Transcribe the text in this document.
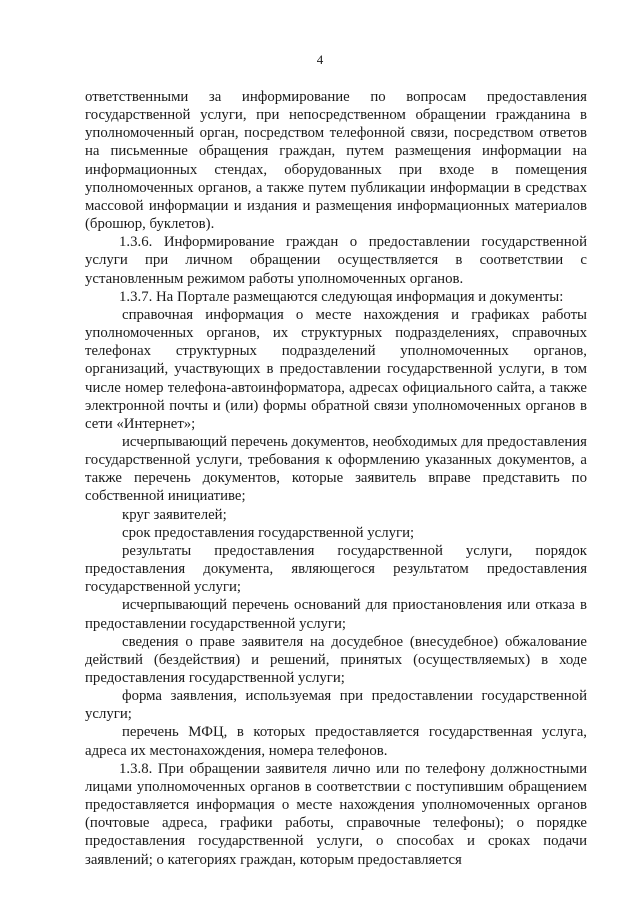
4

ответственными за информирование по вопросам предоставления государственной услуги, при непосредственном обращении гражданина в уполномоченный орган, посредством телефонной связи, посредством ответов на письменные обращения граждан, путем размещения информации на информационных стендах, оборудованных при входе в помещения уполномоченных органов, а также путем публикации информации в средствах массовой информации и издания и размещения информационных материалов (брошюр, буклетов).

1.3.6. Информирование граждан о предоставлении государственной услуги при личном обращении осуществляется в соответствии с установленным режимом работы уполномоченных органов.

1.3.7. На Портале размещаются следующая информация и документы:

справочная информация о месте нахождения и графиках работы уполномоченных органов, их структурных подразделениях, справочных телефонах структурных подразделений уполномоченных органов, организаций, участвующих в предоставлении государственной услуги, в том числе номер телефона-автоинформатора, адресах официального сайта, а также электронной почты и (или) формы обратной связи уполномоченных органов в сети «Интернет»;

исчерпывающий перечень документов, необходимых для предоставления государственной услуги, требования к оформлению указанных документов, а также перечень документов, которые заявитель вправе представить по собственной инициативе;

круг заявителей;

срок предоставления государственной услуги;

результаты предоставления государственной услуги, порядок предоставления документа, являющегося результатом предоставления государственной услуги;

исчерпывающий перечень оснований для приостановления или отказа в предоставлении государственной услуги;

сведения о праве заявителя на досудебное (внесудебное) обжалование действий (бездействия) и решений, принятых (осуществляемых) в ходе предоставления государственной услуги;

форма заявления, используемая при предоставлении государственной услуги;

перечень МФЦ, в которых предоставляется государственная услуга, адреса их местонахождения, номера телефонов.

1.3.8. При обращении заявителя лично или по телефону должностными лицами уполномоченных органов в соответствии с поступившим обращением предоставляется информация о месте нахождения уполномоченных органов (почтовые адреса, графики работы, справочные телефоны); о порядке предоставления государственной услуги, о способах и сроках подачи заявлений; о категориях граждан, которым предоставляется
